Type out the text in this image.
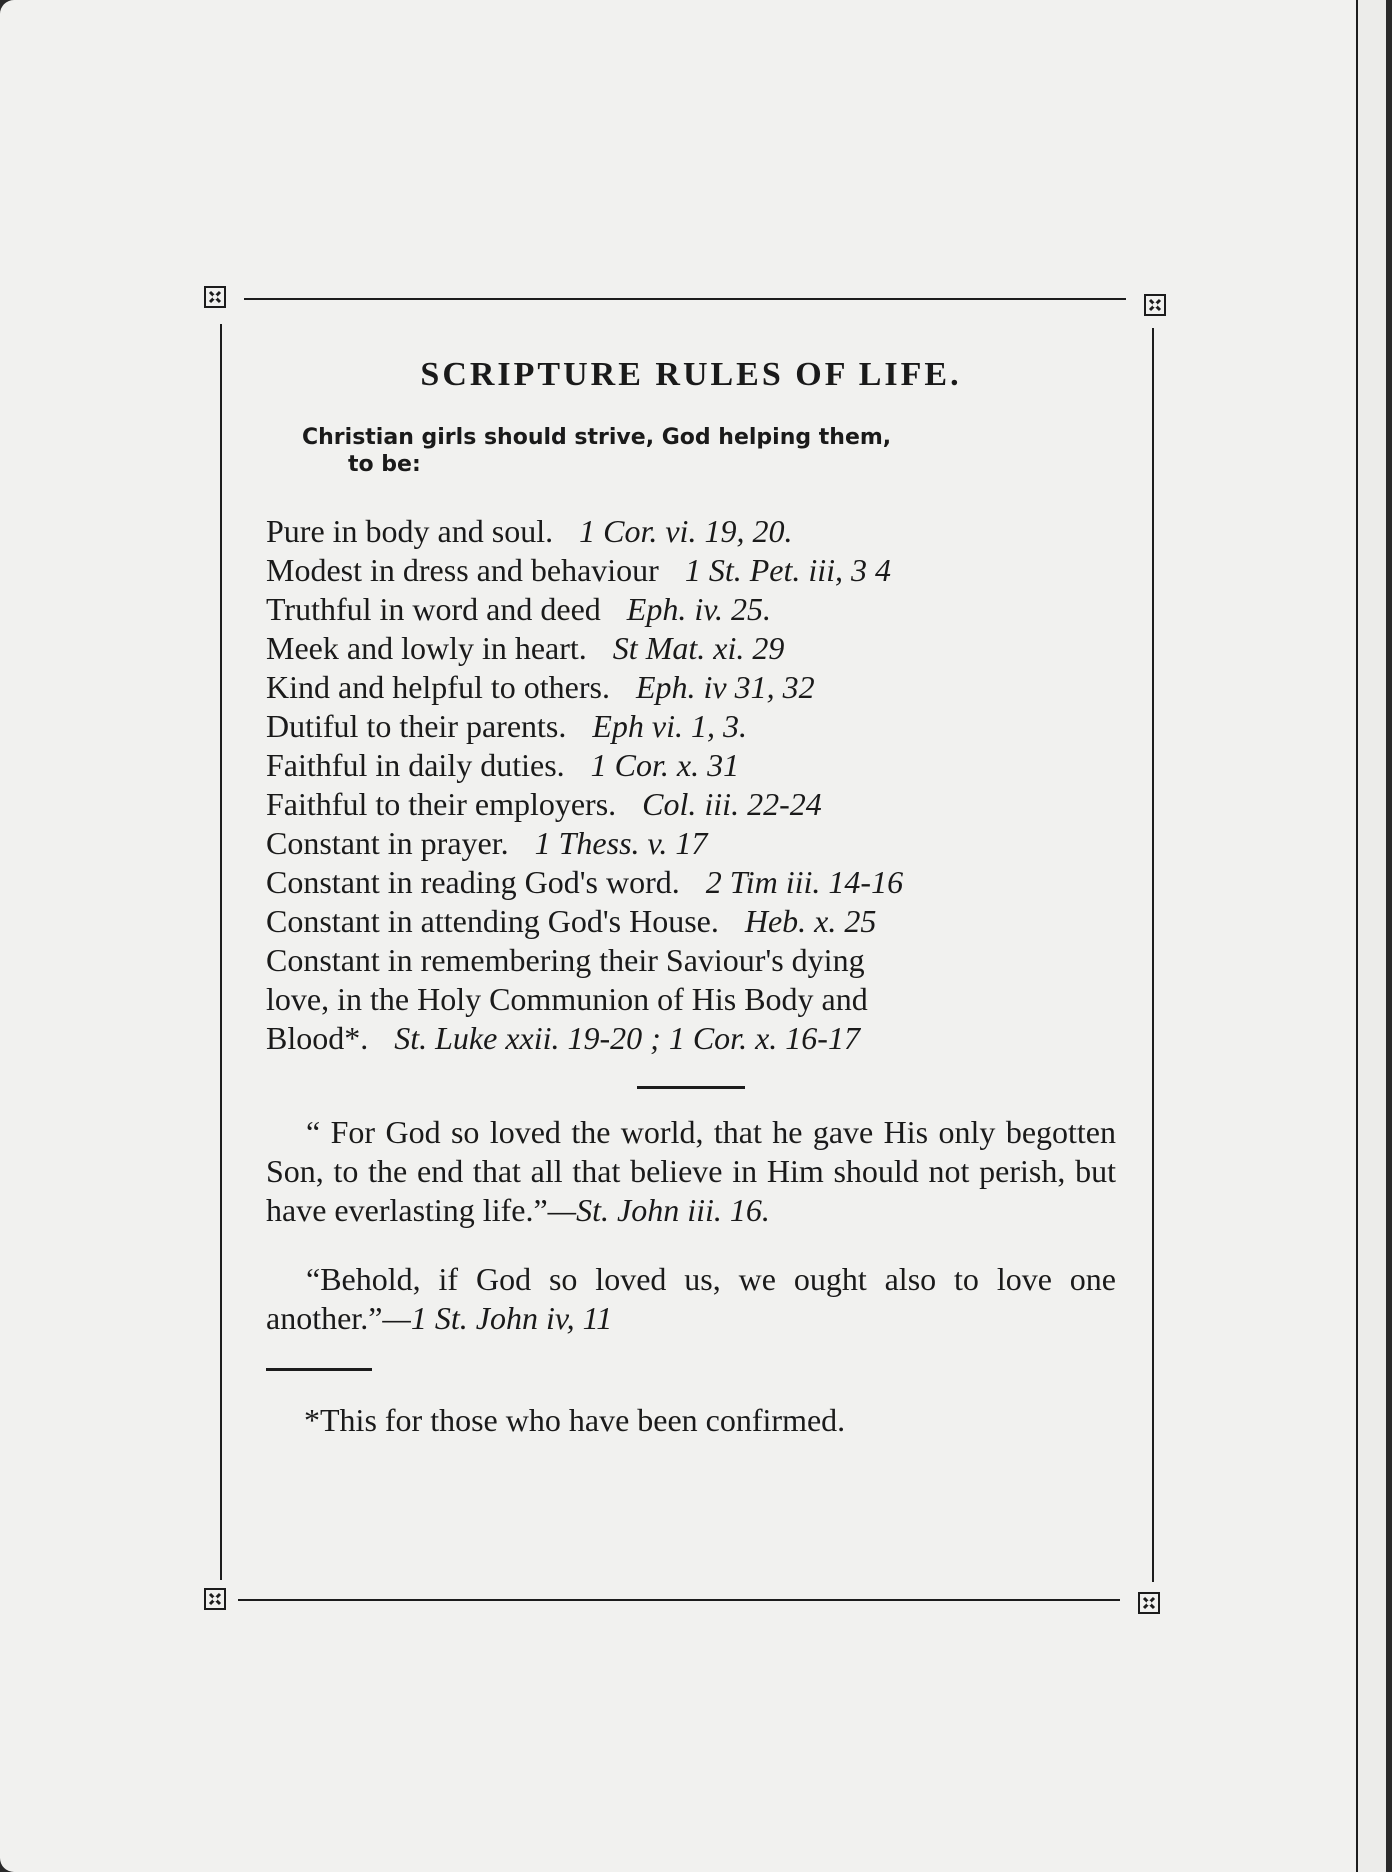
SCRIPTURE RULES OF LIFE.

Christian girls should strive, God helping them,
to be:

Pure in body and soul. 1 Cor. vi. 19, 20.
Modest in dress and behaviour 1 St. Pet. iii, 3 4
Truthful in word and deed Eph. iv. 25.
Meek and lowly in heart. St Mat. xi. 29
Kind and helpful to others. Eph. iv 31, 32
Dutiful to their parents. Eph vi. 1, 3.
Faithful in daily duties. 1 Cor. x. 31
Faithful to their employers. Col. iii. 22-24
Constant in prayer. 1 Thess. v. 17
Constant in reading God's word. 2 Tim iii. 14-16
Constant in attending God's House. Heb. x. 25
Constant in remembering their Saviour's dying
love, in the Holy Communion of His Body and
Blood*. St. Luke xxii. 19-20 ; 1 Cor. x. 16-17

“ For God so loved the world, that he gave His only begotten Son, to the end that all that believe in Him should not perish, but have everlasting life.”—St. John iii. 16.

“Behold, if God so loved us, we ought also to love one another.”—1 St. John iv, 11

*This for those who have been confirmed.
